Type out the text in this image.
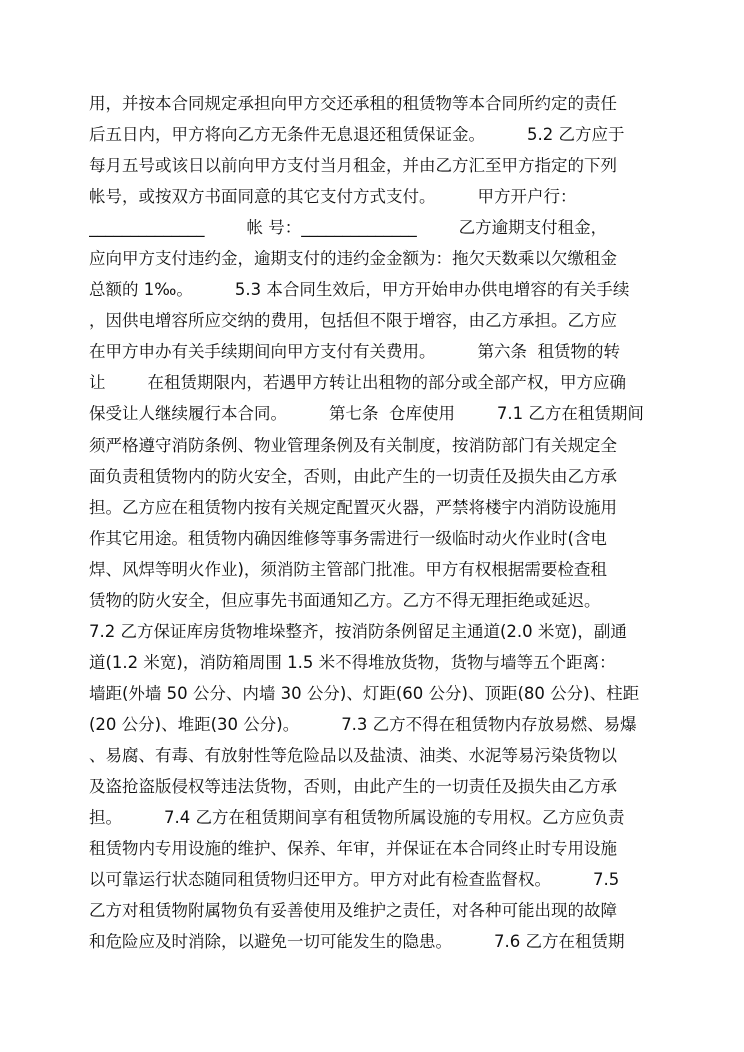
用，并按本合同规定承担向甲方交还承租的租赁物等本合同所约定的责任
后五日内，甲方将向乙方无条件无息退还租赁保证金。        5.2 乙方应于
每月五号或该日以前向甲方支付当月租金，并由乙方汇至甲方指定的下列
帐号，或按双方书面同意的其它支付方式支付。        甲方开户行：
______________        帐 号：______________        乙方逾期支付租金，
应向甲方支付违约金，逾期支付的违约金金额为：拖欠天数乘以欠缴租金
总额的 1‰。        5.3 本合同生效后，甲方开始申办供电增容的有关手续
，因供电增容所应交纳的费用，包括但不限于增容，由乙方承担。乙方应
在甲方申办有关手续期间向甲方支付有关费用。        第六条  租赁物的转
让        在租赁期限内，若遇甲方转让出租物的部分或全部产权，甲方应确
保受让人继续履行本合同。        第七条  仓库使用        7.1 乙方在租赁期间
须严格遵守消防条例、物业管理条例及有关制度，按消防部门有关规定全
面负责租赁物内的防火安全，否则，由此产生的一切责任及损失由乙方承
担。乙方应在租赁物内按有关规定配置灭火器，严禁将楼宇内消防设施用
作其它用途。租赁物内确因维修等事务需进行一级临时动火作业时(含电
焊、风焊等明火作业)，须消防主管部门批准。甲方有权根据需要检查租
赁物的防火安全，但应事先书面通知乙方。乙方不得无理拒绝或延迟。
7.2 乙方保证库房货物堆垛整齐，按消防条例留足主通道(2.0 米宽)，副通
道(1.2 米宽)，消防箱周围 1.5 米不得堆放货物，货物与墙等五个距离：
墙距(外墙 50 公分、内墙 30 公分)、灯距(60 公分)、顶距(80 公分)、柱距
(20 公分)、堆距(30 公分)。        7.3 乙方不得在租赁物内存放易燃、易爆
、易腐、有毒、有放射性等危险品以及盐渍、油类、水泥等易污染货物以
及盗抢盗版侵权等违法货物，否则，由此产生的一切责任及损失由乙方承
担。        7.4 乙方在租赁期间享有租赁物所属设施的专用权。乙方应负责
租赁物内专用设施的维护、保养、年审，并保证在本合同终止时专用设施
以可靠运行状态随同租赁物归还甲方。甲方对此有检查监督权。        7.5
乙方对租赁物附属物负有妥善使用及维护之责任，对各种可能出现的故障
和危险应及时消除，以避免一切可能发生的隐患。        7.6 乙方在租赁期
